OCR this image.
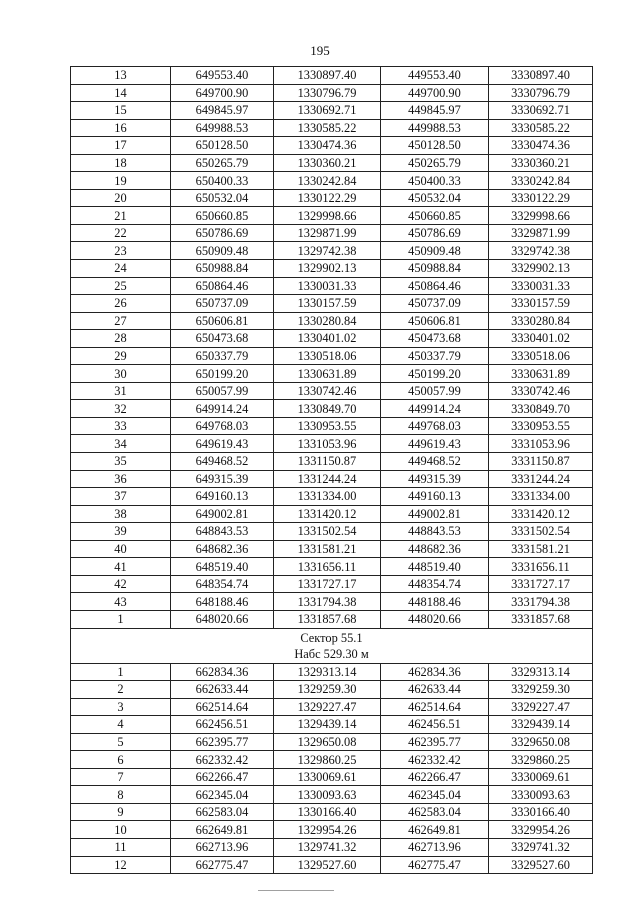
195
13	649553.40	1330897.40	449553.40	3330897.40
14	649700.90	1330796.79	449700.90	3330796.79
15	649845.97	1330692.71	449845.97	3330692.71
16	649988.53	1330585.22	449988.53	3330585.22
17	650128.50	1330474.36	450128.50	3330474.36
18	650265.79	1330360.21	450265.79	3330360.21
19	650400.33	1330242.84	450400.33	3330242.84
20	650532.04	1330122.29	450532.04	3330122.29
21	650660.85	1329998.66	450660.85	3329998.66
22	650786.69	1329871.99	450786.69	3329871.99
23	650909.48	1329742.38	450909.48	3329742.38
24	650988.84	1329902.13	450988.84	3329902.13
25	650864.46	1330031.33	450864.46	3330031.33
26	650737.09	1330157.59	450737.09	3330157.59
27	650606.81	1330280.84	450606.81	3330280.84
28	650473.68	1330401.02	450473.68	3330401.02
29	650337.79	1330518.06	450337.79	3330518.06
30	650199.20	1330631.89	450199.20	3330631.89
31	650057.99	1330742.46	450057.99	3330742.46
32	649914.24	1330849.70	449914.24	3330849.70
33	649768.03	1330953.55	449768.03	3330953.55
34	649619.43	1331053.96	449619.43	3331053.96
35	649468.52	1331150.87	449468.52	3331150.87
36	649315.39	1331244.24	449315.39	3331244.24
37	649160.13	1331334.00	449160.13	3331334.00
38	649002.81	1331420.12	449002.81	3331420.12
39	648843.53	1331502.54	448843.53	3331502.54
40	648682.36	1331581.21	448682.36	3331581.21
41	648519.40	1331656.11	448519.40	3331656.11
42	648354.74	1331727.17	448354.74	3331727.17
43	648188.46	1331794.38	448188.46	3331794.38
1	648020.66	1331857.68	448020.66	3331857.68

Сектор 55.1
Нaбс 529.30 м				

1	662834.36	1329313.14	462834.36	3329313.14
2	662633.44	1329259.30	462633.44	3329259.30
3	662514.64	1329227.47	462514.64	3329227.47
4	662456.51	1329439.14	462456.51	3329439.14
5	662395.77	1329650.08	462395.77	3329650.08
6	662332.42	1329860.25	462332.42	3329860.25
7	662266.47	1330069.61	462266.47	3330069.61
8	662345.04	1330093.63	462345.04	3330093.63
9	662583.04	1330166.40	462583.04	3330166.40
10	662649.81	1329954.26	462649.81	3329954.26
11	662713.96	1329741.32	462713.96	3329741.32
12	662775.47	1329527.60	462775.47	3329527.60
